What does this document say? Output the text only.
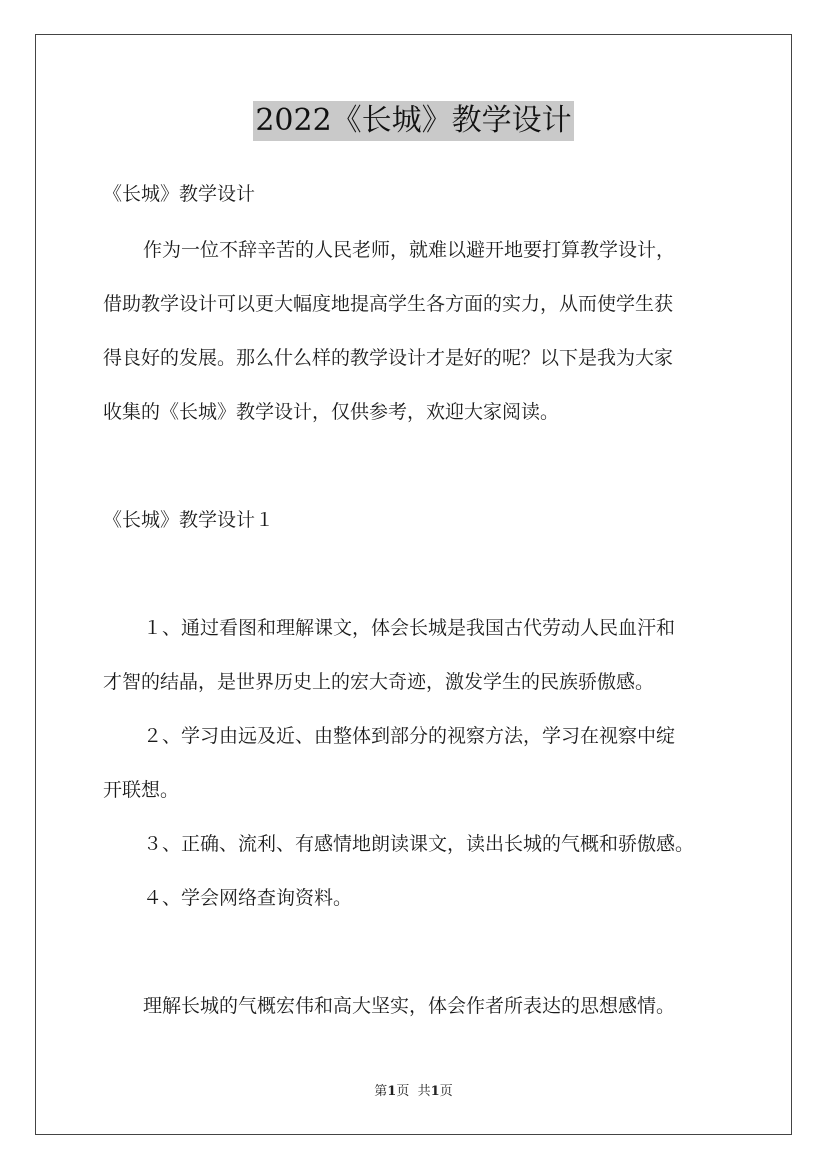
2022《长城》教学设计
《长城》教学设计
作为一位不辞辛苦的人民老师，就难以避开地要打算教学设计，
借助教学设计可以更大幅度地提高学生各方面的实力，从而使学生获
得良好的发展。那么什么样的教学设计才是好的呢？以下是我为大家
收集的《长城》教学设计，仅供参考，欢迎大家阅读。
《长城》教学设计１
１、通过看图和理解课文，体会长城是我国古代劳动人民血汗和
才智的结晶，是世界历史上的宏大奇迹，激发学生的民族骄傲感。
２、学习由远及近、由整体到部分的视察方法，学习在视察中绽
开联想。
３、正确、流利、有感情地朗读课文，读出长城的气概和骄傲感。
４、学会网络查询资料。
理解长城的气概宏伟和高大坚实，体会作者所表达的思想感情。
第1页 共1页
